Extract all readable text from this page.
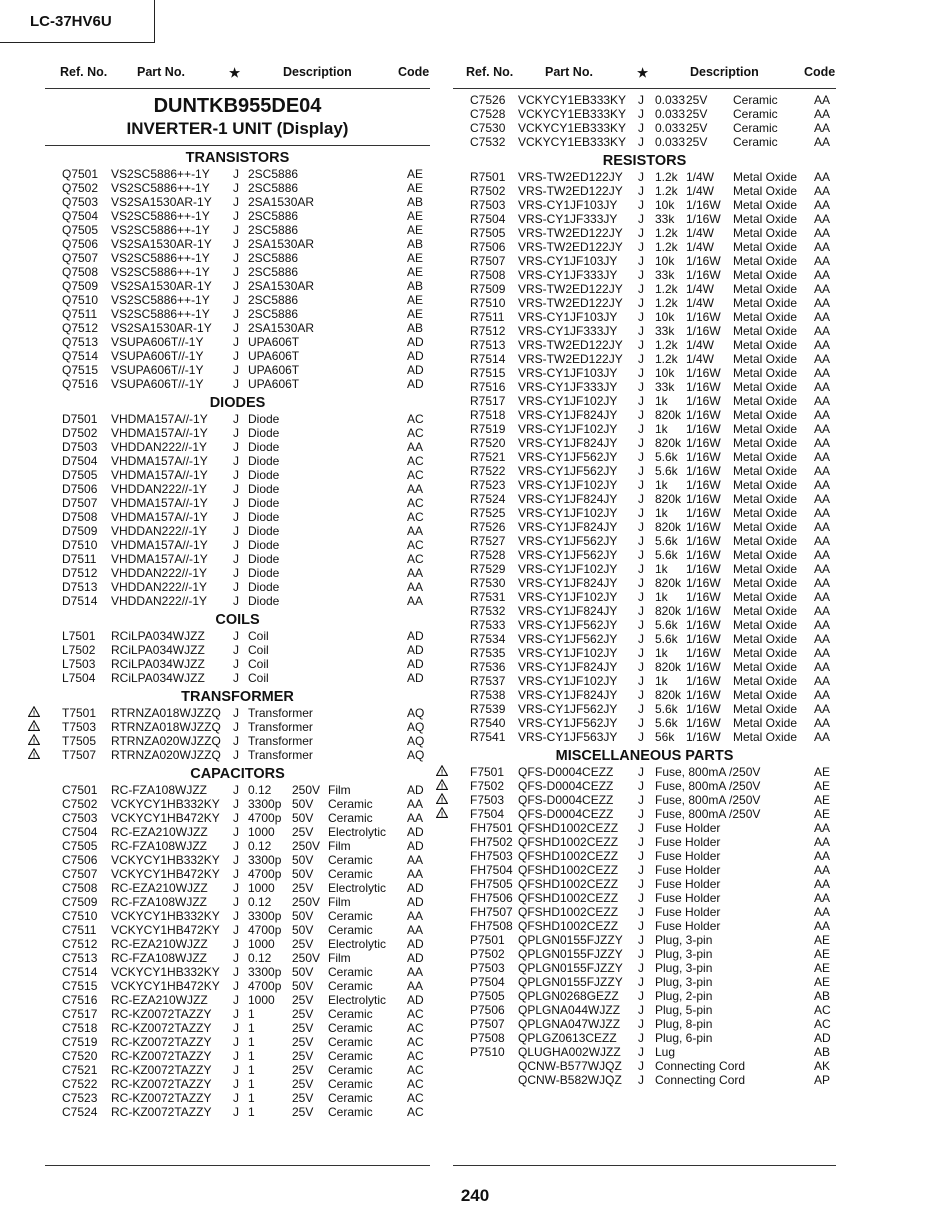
LC-37HV6U
Ref. No. Part No.	★	Description	Code
DUNTKB955DE04
INVERTER-1 UNIT (Display)
TRANSISTORS
Q7501 VS2SC5886++-1Y J 2SC5886	AE
Q7502 VS2SC5886++-1Y J 2SC5886	AE
Q7503 VS2SA1530AR-1Y J 2SA1530AR	AB
Q7504 VS2SC5886++-1Y J 2SC5886	AE
Q7505 VS2SC5886++-1Y J 2SC5886	AE
Q7506 VS2SA1530AR-1Y J 2SA1530AR	AB
Q7507 VS2SC5886++-1Y J 2SC5886	AE
Q7508 VS2SC5886++-1Y J 2SC5886	AE
Q7509 VS2SA1530AR-1Y J 2SA1530AR	AB
Q7510 VS2SC5886++-1Y J 2SC5886	AE
Q7511 VS2SC5886++-1Y J 2SC5886	AE
Q7512 VS2SA1530AR-1Y J 2SA1530AR	AB
Q7513 VSUPA606T//-1Y J UPA606T	AD
Q7514 VSUPA606T//-1Y J UPA606T	AD
Q7515 VSUPA606T//-1Y J UPA606T	AD
Q7516 VSUPA606T//-1Y J UPA606T	AD
DIODES
D7501 VHDMA157A//-1Y J Diode	AC
D7502 VHDMA157A//-1Y J Diode	AC
D7503 VHDDAN222//-1Y J Diode	AA
D7504 VHDMA157A//-1Y J Diode	AC
D7505 VHDMA157A//-1Y J Diode	AC
D7506 VHDDAN222//-1Y J Diode	AA
D7507 VHDMA157A//-1Y J Diode	AC
D7508 VHDMA157A//-1Y J Diode	AC
D7509 VHDDAN222//-1Y J Diode	AA
D7510 VHDMA157A//-1Y J Diode	AC
D7511 VHDMA157A//-1Y J Diode	AC
D7512 VHDDAN222//-1Y J Diode	AA
D7513 VHDDAN222//-1Y J Diode	AA
D7514 VHDDAN222//-1Y J Diode	AA
COILS
L7501 RCiLPA034WJZZ J Coil	AD
L7502 RCiLPA034WJZZ J Coil	AD
L7503 RCiLPA034WJZZ J Coil	AD
L7504 RCiLPA034WJZZ J Coil	AD
TRANSFORMER
! T7501 RTRNZA018WJZZQ J Transformer	AQ
! T7503 RTRNZA018WJZZQ J Transformer	AQ
! T7505 RTRNZA020WJZZQ J Transformer	AQ
! T7507 RTRNZA020WJZZQ J Transformer	AQ
CAPACITORS
C7501 RC-FZA108WJZZ J 0.12 250V Film	AD
C7502 VCKYCY1HB332KY J 3300p 50V Ceramic	AA
C7503 VCKYCY1HB472KY J 4700p 50V Ceramic	AA
C7504 RC-EZA210WJZZ J 1000 25V Electrolytic AD
C7505 RC-FZA108WJZZ J 0.12 250V Film	AD
C7506 VCKYCY1HB332KY J 3300p 50V Ceramic	AA
C7507 VCKYCY1HB472KY J 4700p 50V Ceramic	AA
C7508 RC-EZA210WJZZ J 1000 25V Electrolytic AD
C7509 RC-FZA108WJZZ J 0.12 250V Film	AD
C7510 VCKYCY1HB332KY J 3300p 50V Ceramic	AA
C7511 VCKYCY1HB472KY J 4700p 50V Ceramic	AA
C7512 RC-EZA210WJZZ J 1000 25V Electrolytic AD
C7513 RC-FZA108WJZZ J 0.12 250V Film	AD
C7514 VCKYCY1HB332KY J 3300p 50V Ceramic	AA
C7515 VCKYCY1HB472KY J 4700p 50V Ceramic	AA
C7516 RC-EZA210WJZZ J 1000 25V Electrolytic AD
C7517 RC-KZ0072TAZZY J 1	25V Ceramic	AC
C7518 RC-KZ0072TAZZY J 1	25V Ceramic	AC
C7519 RC-KZ0072TAZZY J 1	25V Ceramic	AC
C7520 RC-KZ0072TAZZY J 1	25V Ceramic	AC
C7521 RC-KZ0072TAZZY J 1	25V Ceramic	AC
C7522 RC-KZ0072TAZZY J 1	25V Ceramic	AC
C7523 RC-KZ0072TAZZY J 1	25V Ceramic	AC
C7524 RC-KZ0072TAZZY J 1	25V Ceramic	AC
Ref. No.	Part No.	★	Description	Code
C7526 VCKYCY1EB333KY J 0.033 25V Ceramic	AA
C7528 VCKYCY1EB333KY J 0.033 25V Ceramic	AA
C7530 VCKYCY1EB333KY J 0.033 25V Ceramic	AA
C7532 VCKYCY1EB333KY J 0.033 25V Ceramic	AA
RESISTORS
R7501 VRS-TW2ED122JY J 1.2k 1/4W Metal Oxide AA
R7502 VRS-TW2ED122JY J 1.2k 1/4W Metal Oxide AA
R7503 VRS-CY1JF103JY J 10k 1/16W Metal Oxide AA
R7504 VRS-CY1JF333JY J 33k 1/16W Metal Oxide AA
R7505 VRS-TW2ED122JY J 1.2k 1/4W Metal Oxide AA
R7506 VRS-TW2ED122JY J 1.2k 1/4W Metal Oxide AA
R7507 VRS-CY1JF103JY J 10k 1/16W Metal Oxide AA
R7508 VRS-CY1JF333JY J 33k 1/16W Metal Oxide AA
R7509 VRS-TW2ED122JY J 1.2k 1/4W Metal Oxide AA
R7510 VRS-TW2ED122JY J 1.2k 1/4W Metal Oxide AA
R7511 VRS-CY1JF103JY J 10k 1/16W Metal Oxide AA
R7512 VRS-CY1JF333JY J 33k 1/16W Metal Oxide AA
R7513 VRS-TW2ED122JY J 1.2k 1/4W Metal Oxide AA
R7514 VRS-TW2ED122JY J 1.2k 1/4W Metal Oxide AA
R7515 VRS-CY1JF103JY J 10k 1/16W Metal Oxide AA
R7516 VRS-CY1JF333JY J 33k 1/16W Metal Oxide AA
R7517 VRS-CY1JF102JY J 1k 1/16W Metal Oxide AA
R7518 VRS-CY1JF824JY J 820k 1/16W Metal Oxide AA
R7519 VRS-CY1JF102JY J 1k 1/16W Metal Oxide AA
R7520 VRS-CY1JF824JY J 820k 1/16W Metal Oxide AA
R7521 VRS-CY1JF562JY J 5.6k 1/16W Metal Oxide AA
R7522 VRS-CY1JF562JY J 5.6k 1/16W Metal Oxide AA
R7523 VRS-CY1JF102JY J 1k 1/16W Metal Oxide AA
R7524 VRS-CY1JF824JY J 820k 1/16W Metal Oxide AA
R7525 VRS-CY1JF102JY J 1k 1/16W Metal Oxide AA
R7526 VRS-CY1JF824JY J 820k 1/16W Metal Oxide AA
R7527 VRS-CY1JF562JY J 5.6k 1/16W Metal Oxide AA
R7528 VRS-CY1JF562JY J 5.6k 1/16W Metal Oxide AA
R7529 VRS-CY1JF102JY J 1k 1/16W Metal Oxide AA
R7530 VRS-CY1JF824JY J 820k 1/16W Metal Oxide AA
R7531 VRS-CY1JF102JY J 1k 1/16W Metal Oxide AA
R7532 VRS-CY1JF824JY J 820k 1/16W Metal Oxide AA
R7533 VRS-CY1JF562JY J 5.6k 1/16W Metal Oxide AA
R7534 VRS-CY1JF562JY J 5.6k 1/16W Metal Oxide AA
R7535 VRS-CY1JF102JY J 1k 1/16W Metal Oxide AA
R7536 VRS-CY1JF824JY J 820k 1/16W Metal Oxide AA
R7537 VRS-CY1JF102JY J 1k 1/16W Metal Oxide AA
R7538 VRS-CY1JF824JY J 820k 1/16W Metal Oxide AA
R7539 VRS-CY1JF562JY J 5.6k 1/16W Metal Oxide AA
R7540 VRS-CY1JF562JY J 5.6k 1/16W Metal Oxide AA
R7541 VRS-CY1JF563JY J 56k 1/16W Metal Oxide AA
MISCELLANEOUS PARTS
! F7501 QFS-D0004CEZZ J Fuse, 800mA /250V	AE
! F7502 QFS-D0004CEZZ J Fuse, 800mA /250V	AE
! F7503 QFS-D0004CEZZ J Fuse, 800mA /250V	AE
! F7504 QFS-D0004CEZZ J Fuse, 800mA /250V	AE
FH7501 QFSHD1002CEZZ J Fuse Holder	AA
FH7502 QFSHD1002CEZZ J Fuse Holder	AA
FH7503 QFSHD1002CEZZ J Fuse Holder	AA
FH7504 QFSHD1002CEZZ J Fuse Holder	AA
FH7505 QFSHD1002CEZZ J Fuse Holder	AA
FH7506 QFSHD1002CEZZ J Fuse Holder	AA
FH7507 QFSHD1002CEZZ J Fuse Holder	AA
FH7508 QFSHD1002CEZZ J Fuse Holder	AA
P7501 QPLGN0155FJZZY J Plug, 3-pin	AE
P7502 QPLGN0155FJZZY J Plug, 3-pin	AE
P7503 QPLGN0155FJZZY J Plug, 3-pin	AE
P7504 QPLGN0155FJZZY J Plug, 3-pin	AE
P7505 QPLGN0268GEZZ J Plug, 2-pin	AB
P7506 QPLGNA044WJZZ J Plug, 5-pin	AC
P7507 QPLGNA047WJZZ J Plug, 8-pin	AC
P7508 QPLGZ0613CEZZ J Plug, 6-pin	AD
P7510 QLUGHA002WJZZ J Lug	AB
QCNW-B577WJQZ J Connecting Cord	AK
QCNW-B582WJQZ J Connecting Cord	AP
240
